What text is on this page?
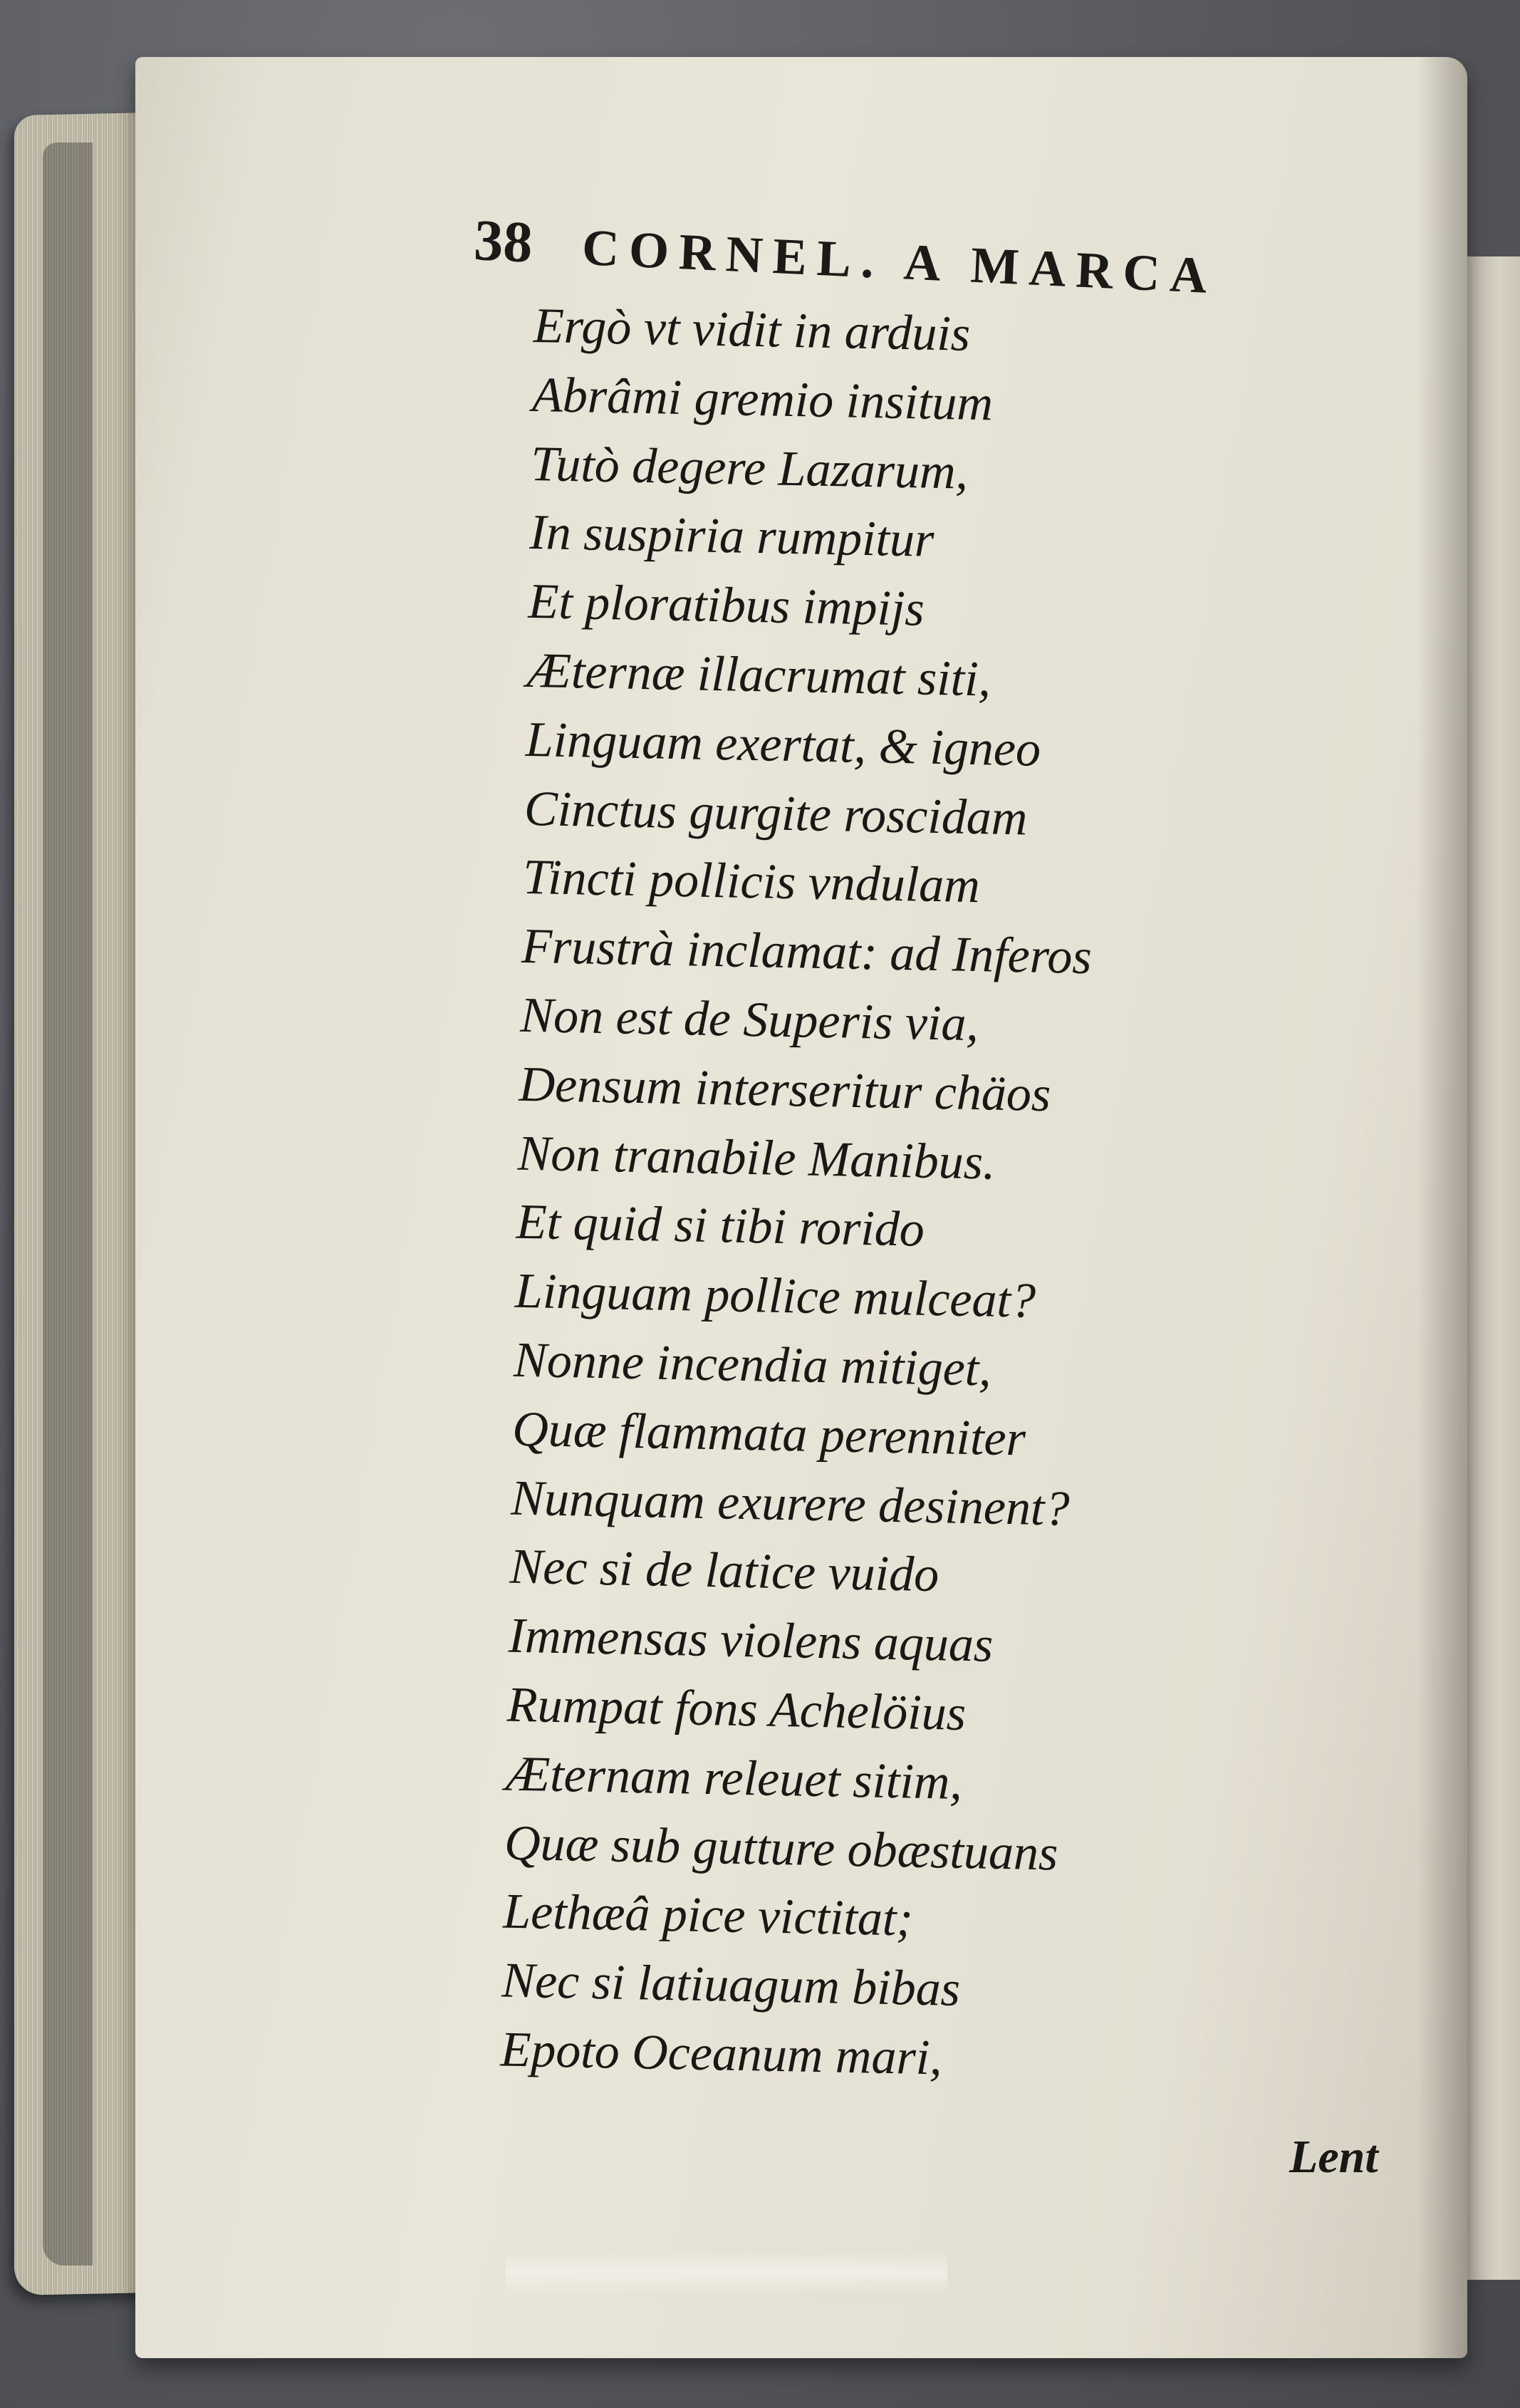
38 CORNEL. A MARCA
Ergò vt vidit in arduis
Abrâmi gremio insitum
Tutò degere Lazarum,
In suspiria rumpitur
Et ploratibus impijs
Æternæ illacrumat siti,
Linguam exertat, & igneo
Cinctus gurgite roscidam
Tincti pollicis vndulam
Frustrà inclamat: ad Inferos
Non est de Superis via,
Densum interseritur chäos
Non tranabile Manibus.
Et quid si tibi rorido
Linguam pollice mulceat?
Nonne incendia mitiget,
Quæ flammata perenniter
Nunquam exurere desinent?
Nec si de latice vuido
Immensas violens aquas
Rumpat fons Achelöius
Æternam releuet sitim,
Quæ sub gutture obæstuans
Lethæâ pice victitat;
Nec si latiuagum bibas
Epoto Oceanum mari,
Lent
